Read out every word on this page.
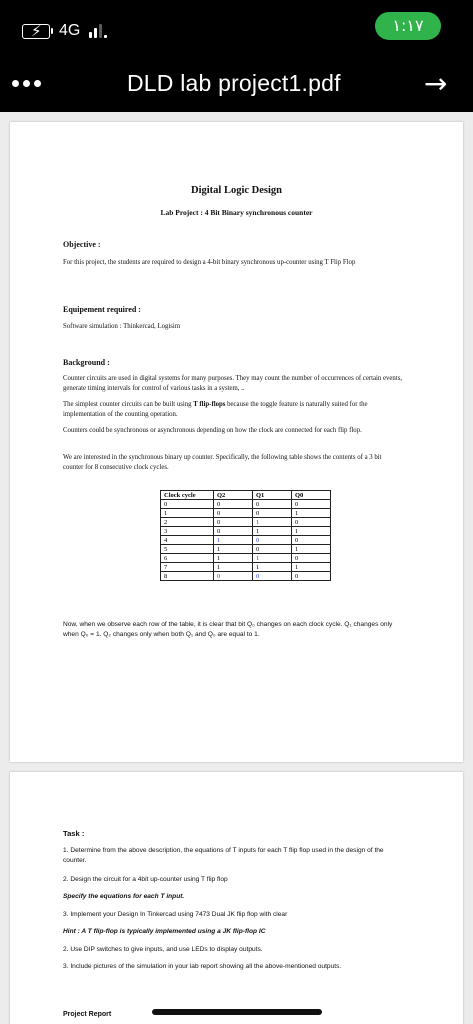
⚡ 4G	١:١٧
DLD lab project1.pdf	→
Digital Logic Design
Lab Project : 4 Bit Binary synchronous counter
Objective :
For this project, the students are required to design a 4-bit binary synchronous up-counter using T Flip Flop
Equipement required :
Software simulation : Thinkercad, Logisim
Background :
Counter circuits are used in digital systems for many purposes. They may count the number of occurrences of certain events, generate timing intervals for control of various tasks in a system, ..
The simplest counter circuits can be built using T flip-flops because the toggle feature is naturally suited for the implementation of the counting operation.
Counters could be synchronous or asynchronous depending on how the clock are connected for each flip flop.
We are interested in the synchronous binary up counter. Specifically, the following table shows the contents of a 3 bit counter for 8 consecutive clock cycles.
Clock cycle	Q2	Q1	Q0
0	0	0	0
1	0	0	1
2	0	1	0
3	0	1	1
4	1	0	0
5	1	0	1
6	1	1	0
7	1	1	1
8	0	0	0
Now, when we observe each row of the table, it is clear that bit Q₀ changes on each clock cycle. Q₁ changes only when Q₀ = 1. Q₂ changes only when both Q₁ and Q₀ are equal to 1.
Task :
1. Determine from the above description, the equations of T inputs for each T flip flop used in the design of the counter.
2. Design the circuit for a 4bit up-counter using T flip flop
Specify the equations for each T input.
3. Implement your Design In Tinkercad using 7473 Dual JK flip flop with clear
Hint : A T flip-flop is typically implemented using a JK flip-flop IC
2. Use DIP switches to give inputs, and use LEDs to display outputs.
3. Include pictures of the simulation in your lab report showing all the above-mentioned outputs.
Project Report
